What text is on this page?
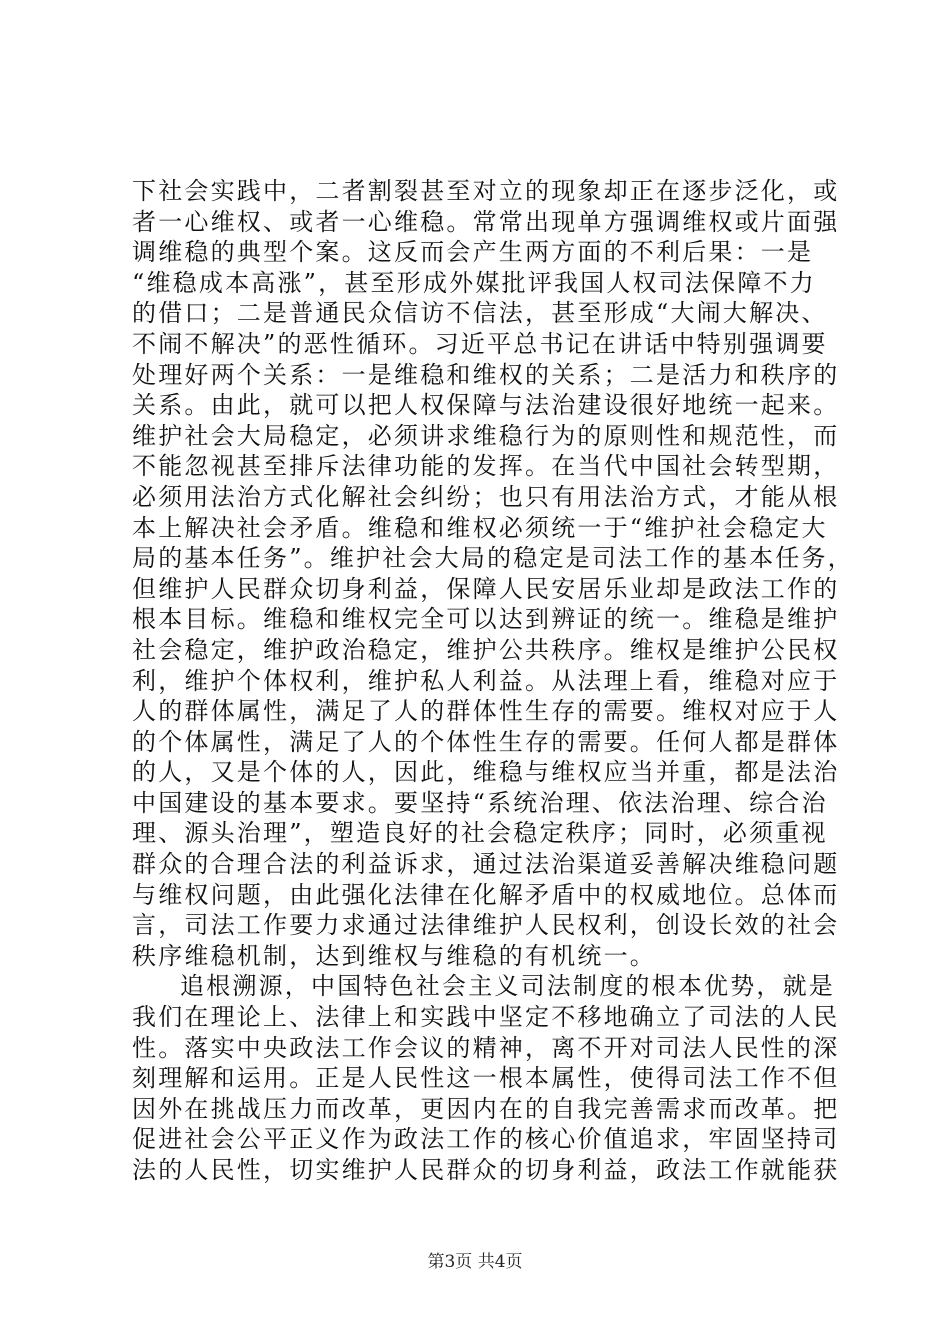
下社会实践中，二者割裂甚至对立的现象却正在逐步泛化，或
者一心维权、或者一心维稳。常常出现单方强调维权或片面强
调维稳的典型个案。这反而会产生两方面的不利后果：一是
“维稳成本高涨”，甚至形成外媒批评我国人权司法保障不力
的借口；二是普通民众信访不信法，甚至形成“大闹大解决、
不闹不解决”的恶性循环。习近平总书记在讲话中特别强调要
处理好两个关系：一是维稳和维权的关系；二是活力和秩序的
关系。由此，就可以把人权保障与法治建设很好地统一起来。
维护社会大局稳定，必须讲求维稳行为的原则性和规范性，而
不能忽视甚至排斥法律功能的发挥。在当代中国社会转型期，
必须用法治方式化解社会纠纷；也只有用法治方式，才能从根
本上解决社会矛盾。维稳和维权必须统一于“维护社会稳定大
局的基本任务”。维护社会大局的稳定是司法工作的基本任务，
但维护人民群众切身利益，保障人民安居乐业却是政法工作的
根本目标。维稳和维权完全可以达到辨证的统一。维稳是维护
社会稳定，维护政治稳定，维护公共秩序。维权是维护公民权
利，维护个体权利，维护私人利益。从法理上看，维稳对应于
人的群体属性，满足了人的群体性生存的需要。维权对应于人
的个体属性，满足了人的个体性生存的需要。任何人都是群体
的人，又是个体的人，因此，维稳与维权应当并重，都是法治
中国建设的基本要求。要坚持“系统治理、依法治理、综合治
理、源头治理”，塑造良好的社会稳定秩序；同时，必须重视
群众的合理合法的利益诉求，通过法治渠道妥善解决维稳问题
与维权问题，由此强化法律在化解矛盾中的权威地位。总体而
言，司法工作要力求通过法律维护人民权利，创设长效的社会
秩序维稳机制，达到维权与维稳的有机统一。
追根溯源，中国特色社会主义司法制度的根本优势，就是
我们在理论上、法律上和实践中坚定不移地确立了司法的人民
性。落实中央政法工作会议的精神，离不开对司法人民性的深
刻理解和运用。正是人民性这一根本属性，使得司法工作不但
因外在挑战压力而改革，更因内在的自我完善需求而改革。把
促进社会公平正义作为政法工作的核心价值追求，牢固坚持司
法的人民性，切实维护人民群众的切身利益，政法工作就能获
第3页 共4页
